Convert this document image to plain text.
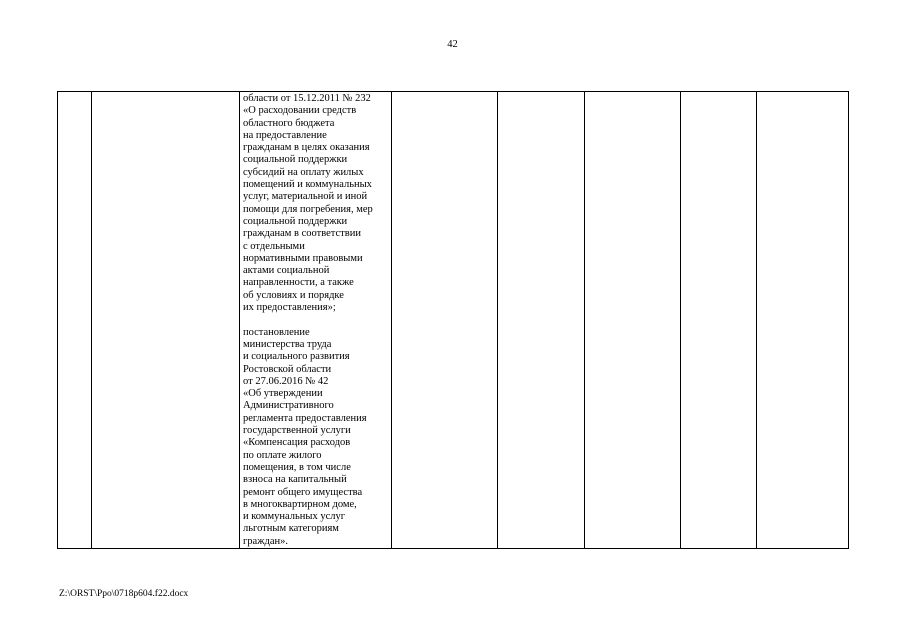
42

области от 15.12.2011 № 232
«О расходовании средств
областного бюджета
на предоставление
гражданам в целях оказания
социальной поддержки
субсидий на оплату жилых
помещений и коммунальных
услуг, материальной и иной
помощи для погребения, мер
социальной поддержки
гражданам в соответствии
с отдельными
нормативными правовыми
актами социальной
направленности, а также
об условиях и порядке
их предоставления»;
постановление
министерства труда
и социального развития
Ростовской области
от 27.06.2016 № 42
«Об утверждении
Административного
регламента предоставления
государственной услуги
«Компенсация расходов
по оплате жилого
помещения, в том числе
взноса на капитальный
ремонт общего имущества
в многоквартирном доме,
и коммунальных услуг
льготным категориям
граждан».

Z:\ORST\Ppo\0718p604.f22.docx
